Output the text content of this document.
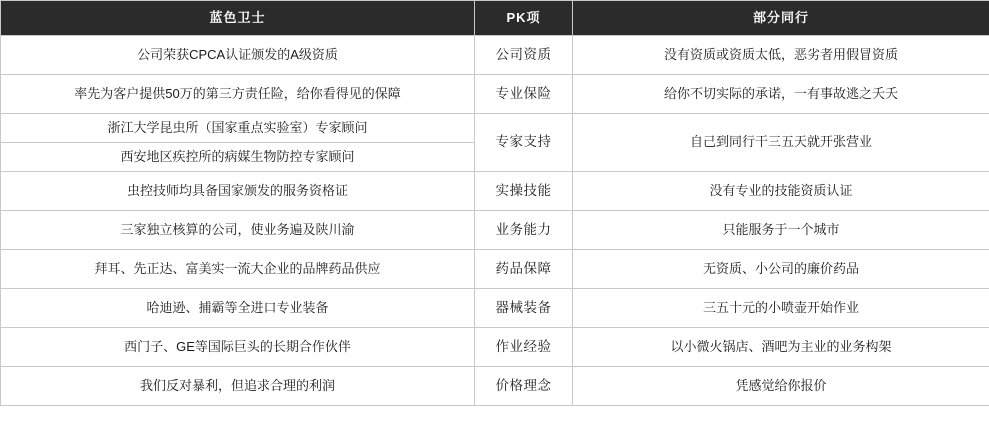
蓝色卫士	PK项	部分同行
公司荣获CPCA认证颁发的A级资质	公司资质	没有资质或资质太低，恶劣者用假冒资质
率先为客户提供50万的第三方责任险，给你看得见的保障	专业保险	给你不切实际的承诺，一有事故逃之夭夭

浙江大学昆虫所（国家重点实验室）专家顾问
西安地区疾控所的病媒生物防控专家顾问	专家支持	自己到同行干三五天就开张营业
虫控技师均具备国家颁发的服务资格证	实操技能	没有专业的技能资质认证
三家独立核算的公司，使业务遍及陕川渝	业务能力	只能服务于一个城市
拜耳、先正达、富美实一流大企业的品牌药品供应	药品保障	无资质、小公司的廉价药品
哈迪逊、捕霸等全进口专业装备	器械装备	三五十元的小喷壶开始作业
西门子、GE等国际巨头的长期合作伙伴	作业经验	以小微火锅店、酒吧为主业的业务构架
我们反对暴利，但追求合理的利润	价格理念	凭感觉给你报价
